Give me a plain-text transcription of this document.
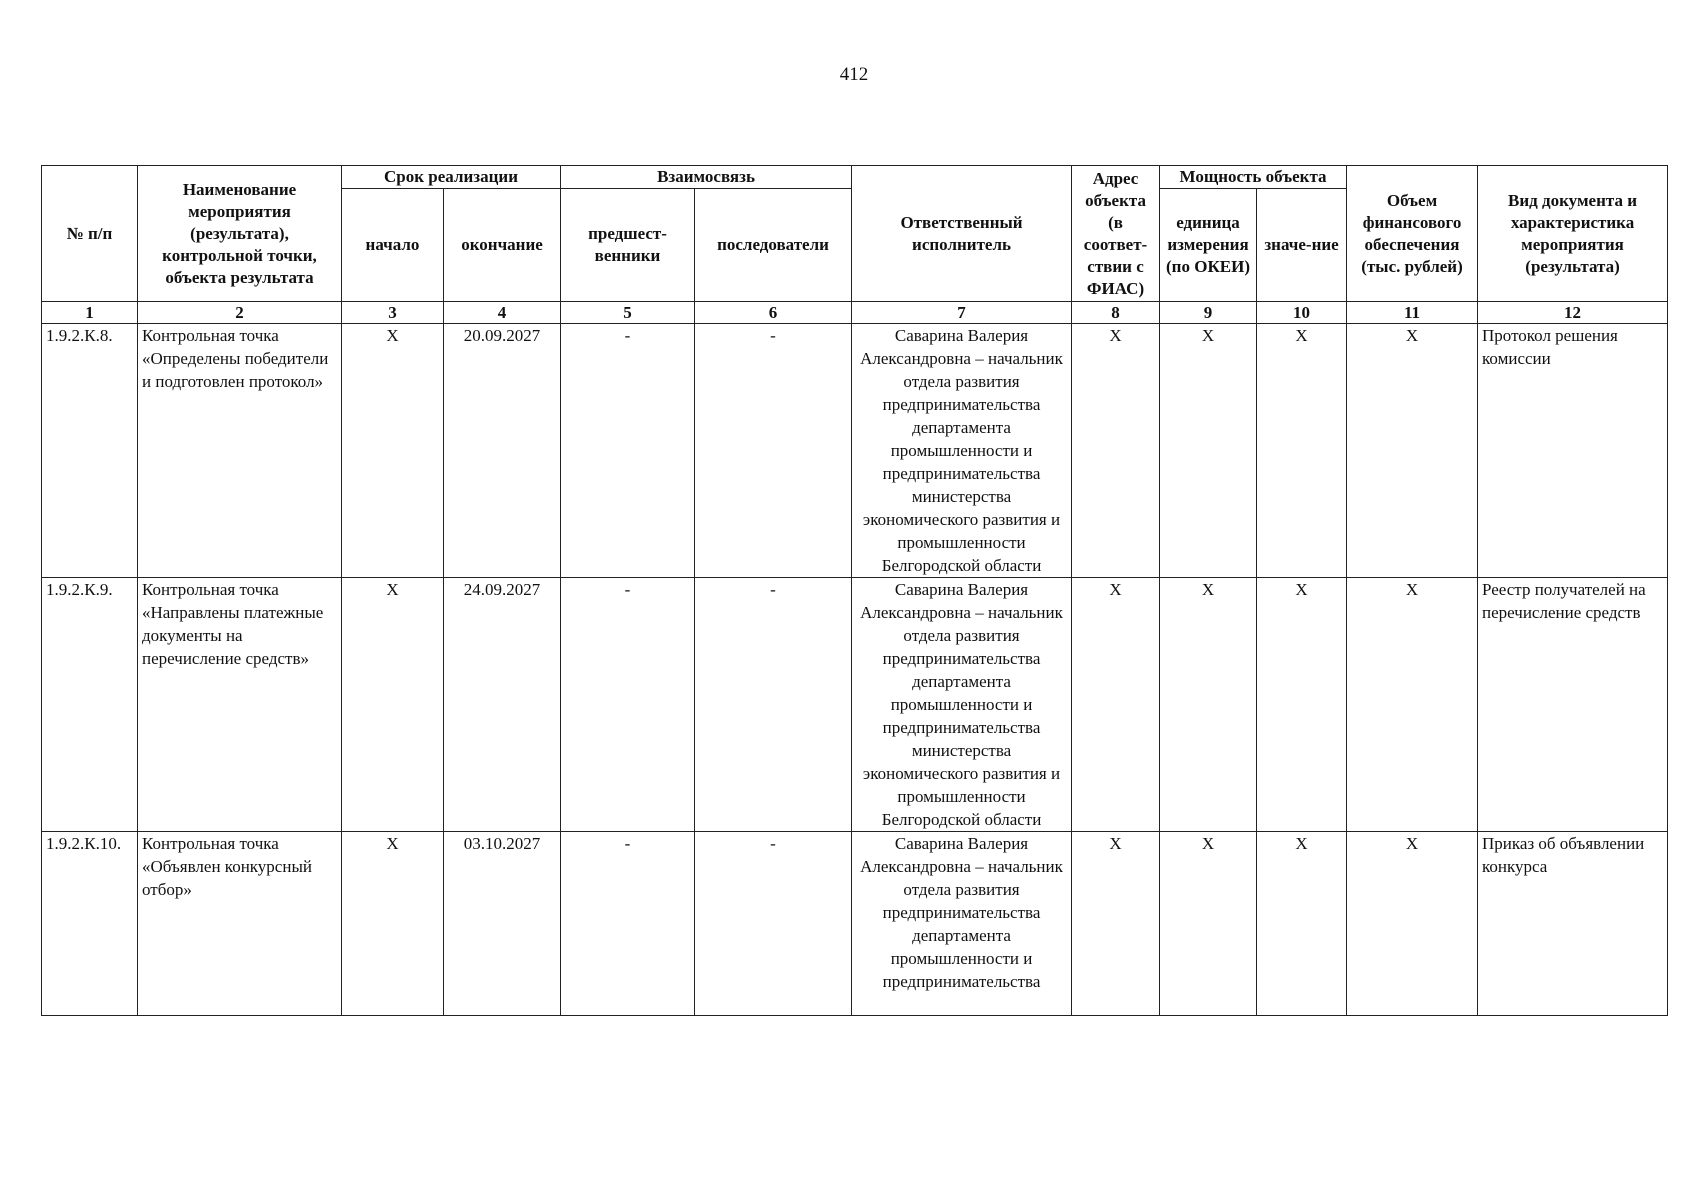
412
№ п/п	Наименование мероприятия (результата), контрольной точки, объекта результата	Срок реализации		Взаимосвязь		Ответственный исполнитель	Адрес объекта (в соответ-ствии с ФИАС)	Мощность объекта		Объем финансового обеспечения (тыс. рублей)	Вид документа и характеристика мероприятия (результата)
		начало	окончание	предшест-венники	последователи			единица измерения (по ОКЕИ)	значе-ние		
1	2	3	4	5	6	7	8	9	10	11	12
1.9.2.К.8.	Контрольная точка «Определены победители и подготовлен протокол»	X	20.09.2027	-	-	Саварина Валерия Александровна – начальник отдела развития предпринимательства департамента промышленности и предпринимательства министерства экономического развития и промышленности Белгородской области	X	X	X	X	Протокол решения комиссии
1.9.2.К.9.	Контрольная точка «Направлены платежные документы на перечисление средств»	X	24.09.2027	-	-	Саварина Валерия Александровна – начальник отдела развития предпринимательства департамента промышленности и предпринимательства министерства экономического развития и промышленности Белгородской области	X	X	X	X	Реестр получателей на перечисление средств
1.9.2.К.10.	Контрольная точка «Объявлен конкурсный отбор»	X	03.10.2027	-	-	Саварина Валерия Александровна – начальник отдела развития предпринимательства департамента промышленности и предпринимательства	X	X	X	X	Приказ об объявлении конкурса
